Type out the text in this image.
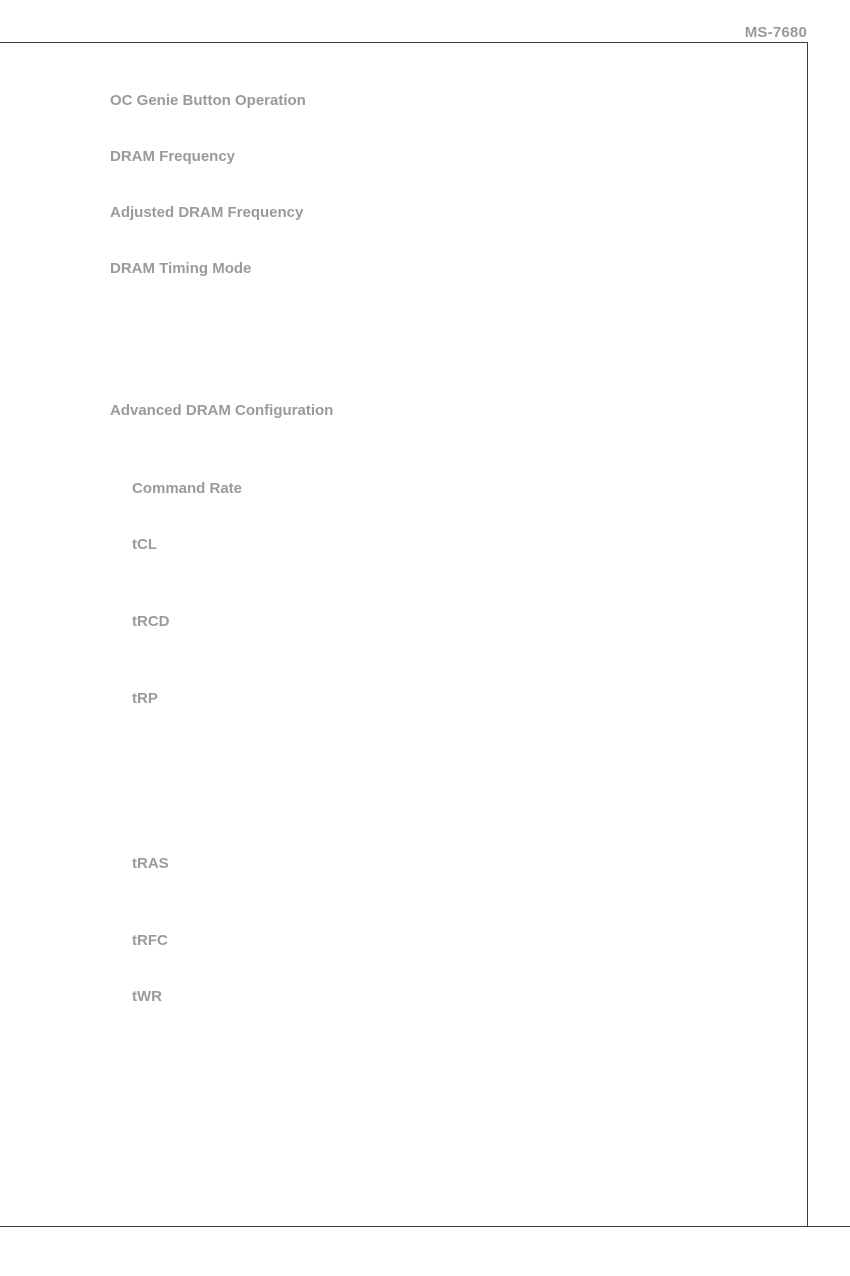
MS-7680
OC Genie Button Operation
DRAM Frequency
Adjusted DRAM Frequency
DRAM Timing Mode
Advanced DRAM Configuration
Command Rate
tCL
tRCD
tRP
tRAS
tRFC
tWR
